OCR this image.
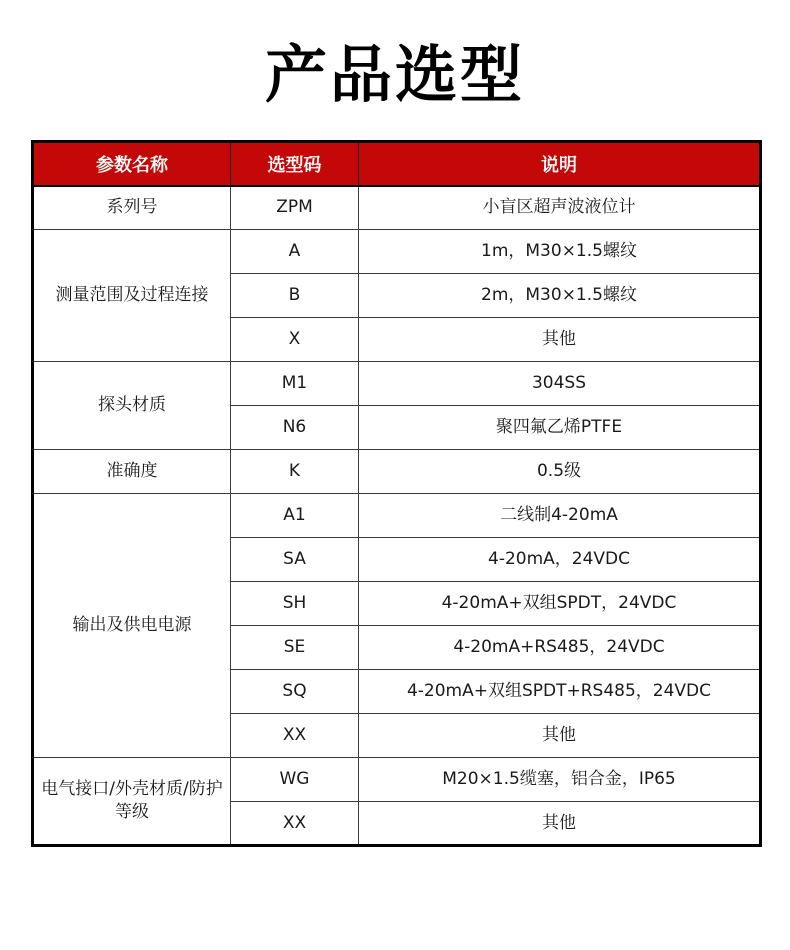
产品选型
参数名称	选型码	说明
系列号	ZPM	小盲区超声波液位计
测量范围及过程连接	A	1m，M30×1.5螺纹
	B	2m，M30×1.5螺纹
	X	其他
探头材质	M1	304SS
	N6	聚四氟乙烯PTFE
准确度	K	0.5级
输出及供电电源	A1	二线制4-20mA
	SA	4-20mA，24VDC
	SH	4-20mA+双组SPDT，24VDC
	SE	4-20mA+RS485，24VDC
	SQ	4-20mA+双组SPDT+RS485，24VDC
	XX	其他
电气接口/外壳材质/防护等级	WG	M20×1.5缆塞，铝合金，IP65
	XX	其他
